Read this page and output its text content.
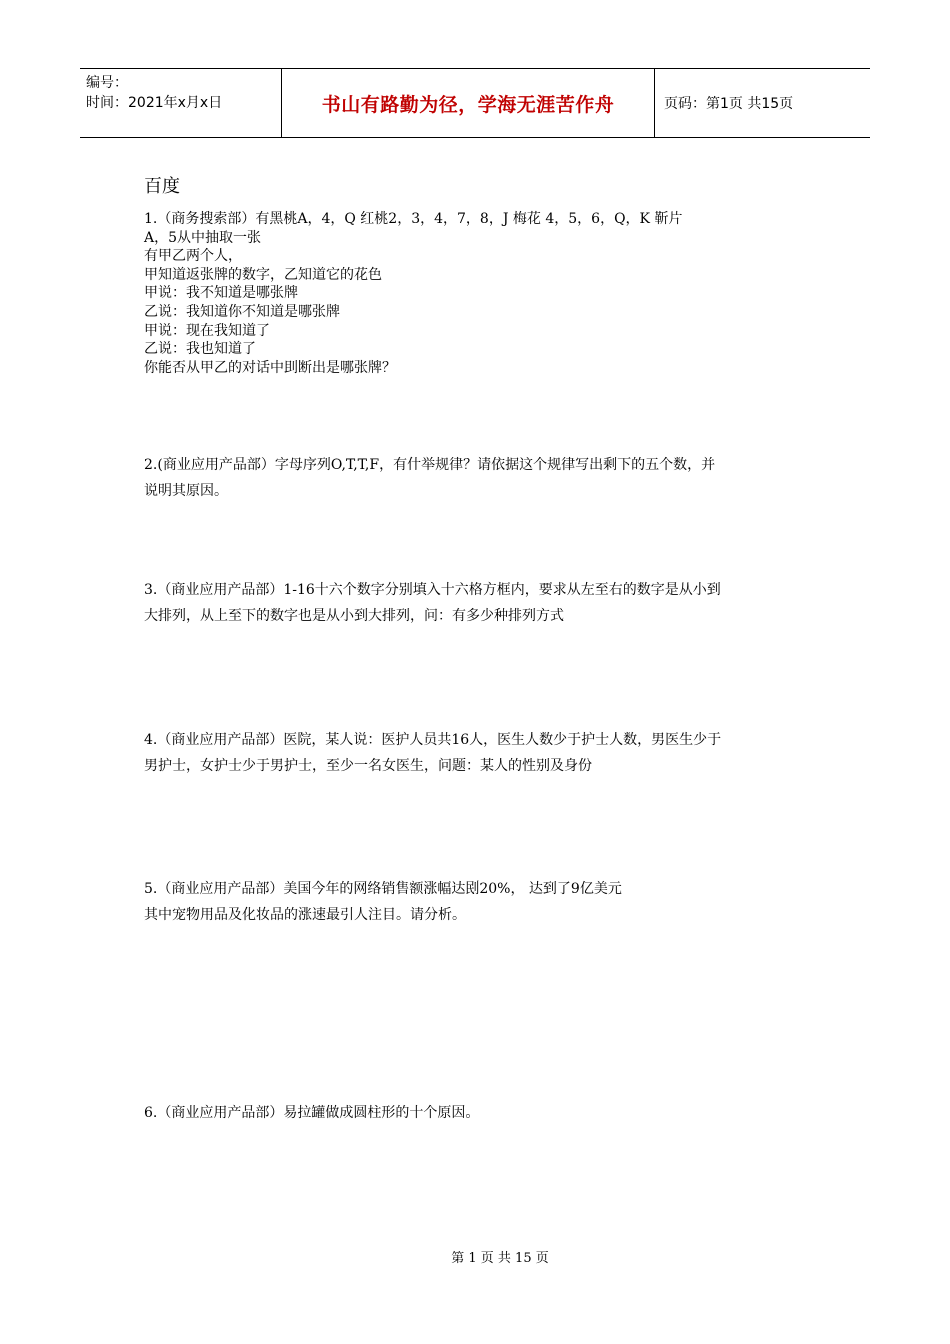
编号：
时间：2021年x月x日	书山有路勤为径，学海无涯苦作舟	页码：第1页 共15页
百度
1.（商务搜索部）有黑桃A，4，Q 红桃2，3，4，7，8，J 梅花 4，5，6，Q，K 靳片
A，5从中抽取一张
有甲乙两个人，
甲知道返张牌的数字，乙知道它的花色
甲说：我不知道是哪张牌
乙说：我知道你不知道是哪张牌
甲说：现在我知道了
乙说：我也知道了
你能否从甲乙的对话中刞断出是哪张牌？
2.(商业应用产品部）字母序列O,T,T,F，有什举规律？请依据这个规律写出剩下的五个数，并
说明其原因。
3.（商业应用产品部）1-16十六个数字分别填入十六格方框内，要求从左至右的数字是从小到
大排列，从上至下的数字也是从小到大排列，问：有多少种排列方式
4.（商业应用产品部）医院，某人说：医护人员共16人，医生人数少于护士人数，男医生少于
男护士，女护士少于男护士，至少一名女医生，问题：某人的性别及身份
5.（商业应用产品部）美国今年的网络销售额涨幅达刡20%， 达到了9亿美元
其中宠物用品及化妆品的涨速最引人注目。请分析。
6.（商业应用产品部）易拉罐做成圆柱形的十个原因。
第 1 页 共 15 页
